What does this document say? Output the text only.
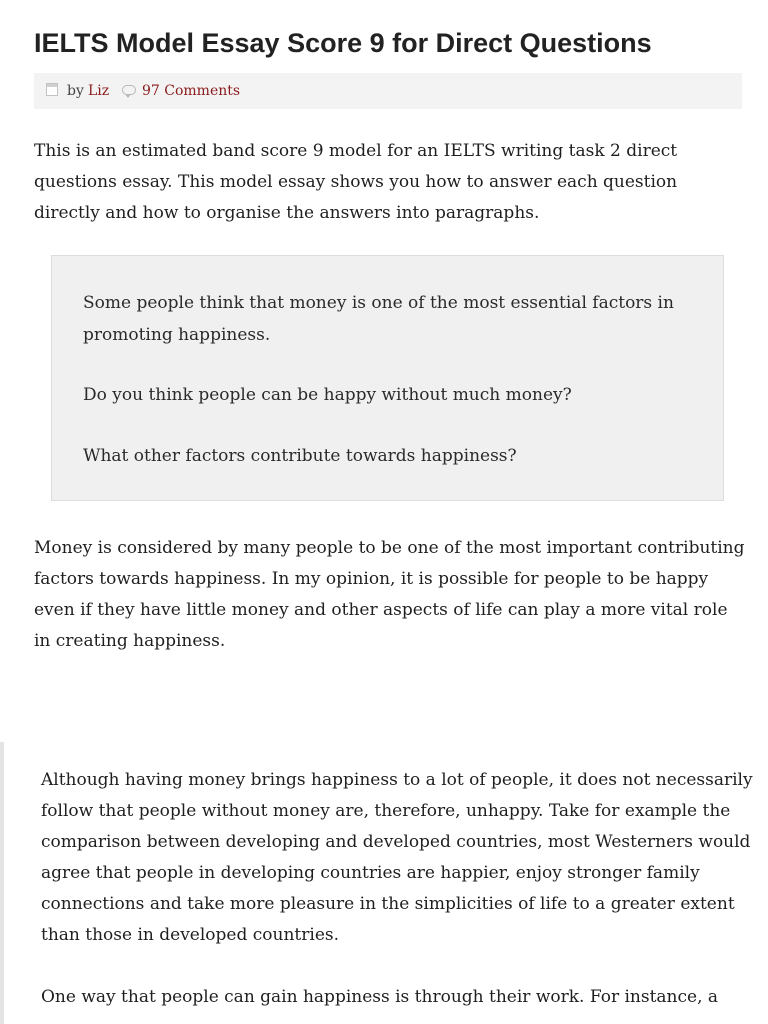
IELTS Model Essay Score 9 for Direct Questions
by Liz 97 Comments

This is an estimated band score 9 model for an IELTS writing task 2 direct questions essay. This model essay shows you how to answer each question directly and how to organise the answers into paragraphs.

Some people think that money is one of the most essential factors in promoting happiness.

Do you think people can be happy without much money?

What other factors contribute towards happiness?

Money is considered by many people to be one of the most important contributing factors towards happiness. In my opinion, it is possible for people to be happy even if they have little money and other aspects of life can play a more vital role in creating happiness.

Although having money brings happiness to a lot of people, it does not necessarily follow that people without money are, therefore, unhappy. Take for example the comparison between developing and developed countries, most Westerners would agree that people in developing countries are happier, enjoy stronger family connections and take more pleasure in the simplicities of life to a greater extent than those in developed countries.

One way that people can gain happiness is through their work. For instance, a
